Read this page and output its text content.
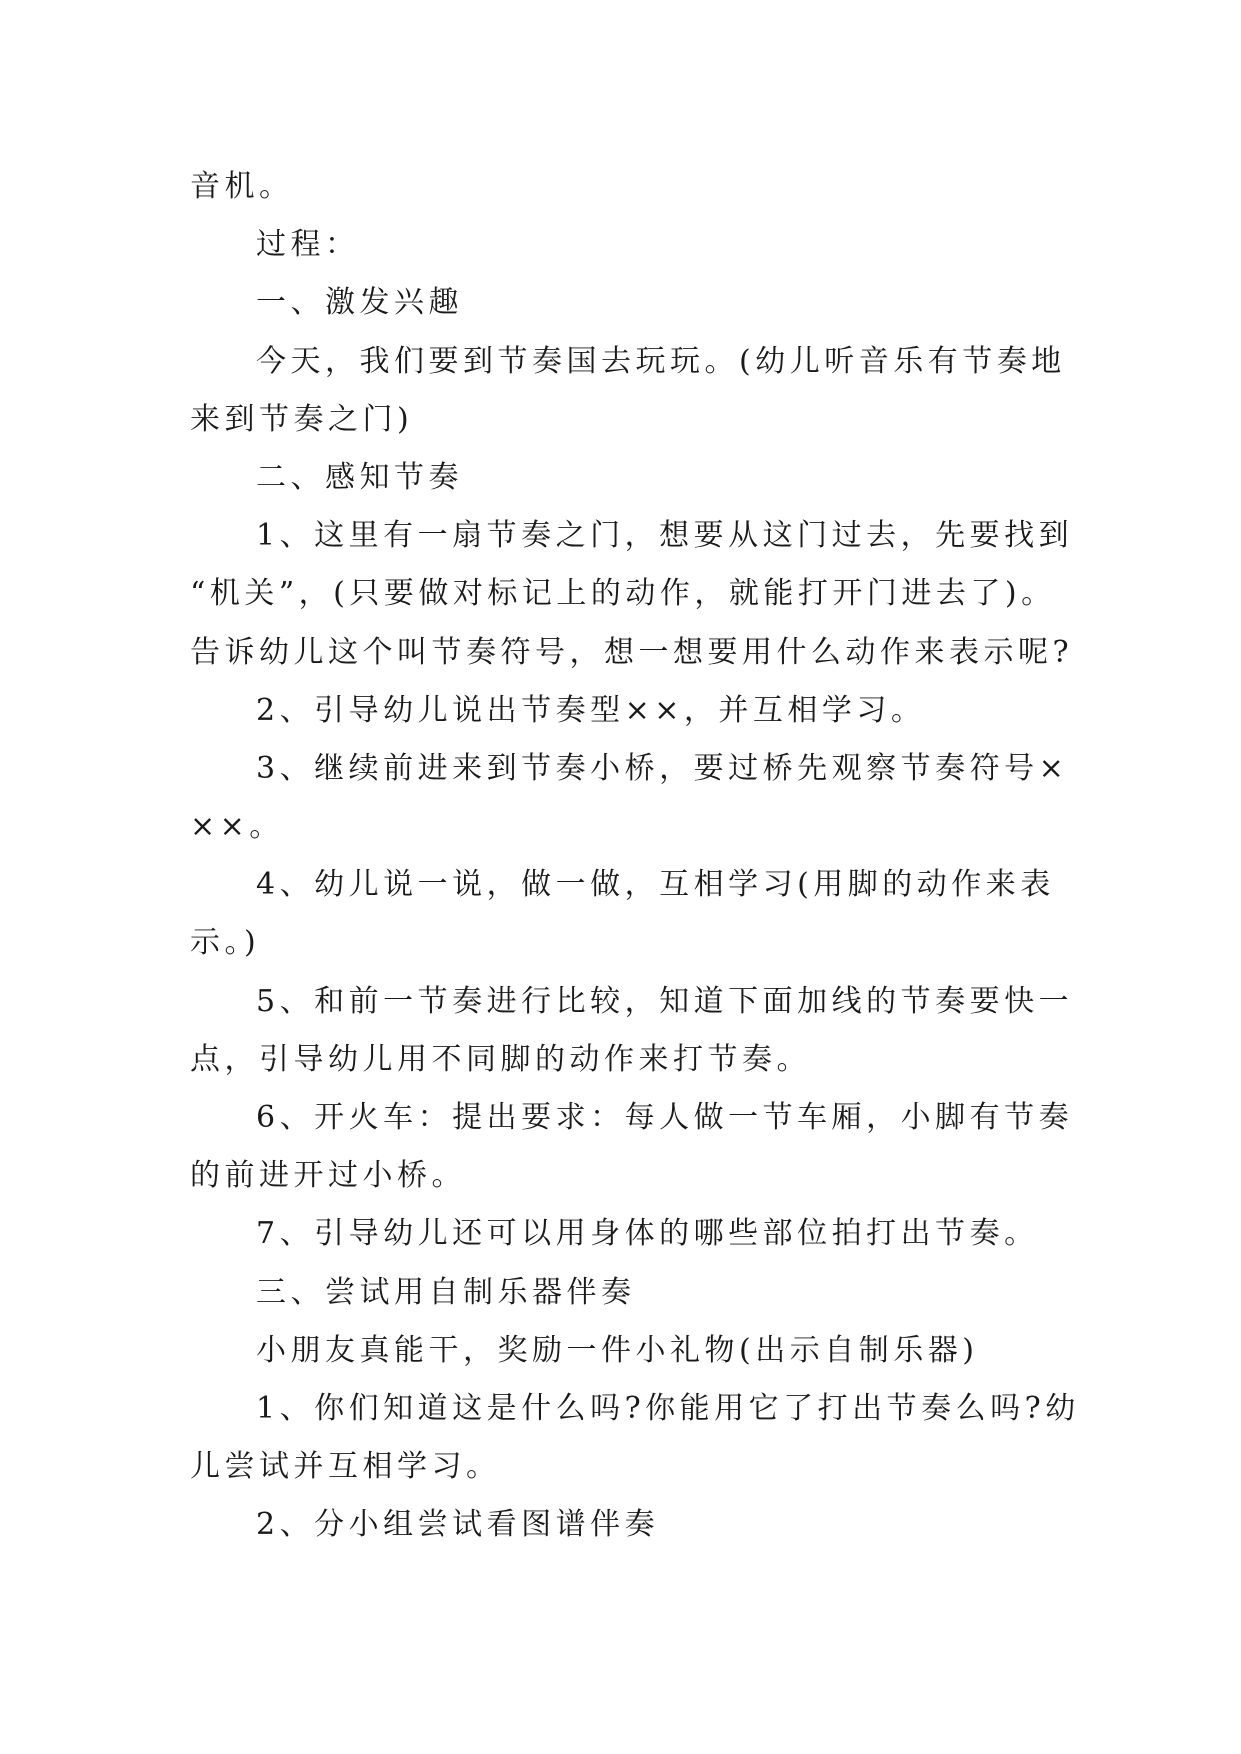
音机。
过程：
一、激发兴趣
今天，我们要到节奏国去玩玩。(幼儿听音乐有节奏地
来到节奏之门)
二、感知节奏
1、这里有一扇节奏之门，想要从这门过去，先要找到
“机关”，(只要做对标记上的动作，就能打开门进去了)。
告诉幼儿这个叫节奏符号，想一想要用什么动作来表示呢?
2、引导幼儿说出节奏型××，并互相学习。
3、继续前进来到节奏小桥，要过桥先观察节奏符号×
××。
4、幼儿说一说，做一做，互相学习(用脚的动作来表
示。)
5、和前一节奏进行比较，知道下面加线的节奏要快一
点，引导幼儿用不同脚的动作来打节奏。
6、开火车：提出要求：每人做一节车厢，小脚有节奏
的前进开过小桥。
7、引导幼儿还可以用身体的哪些部位拍打出节奏。
三、尝试用自制乐器伴奏
小朋友真能干，奖励一件小礼物(出示自制乐器)
1、你们知道这是什么吗?你能用它了打出节奏么吗?幼
儿尝试并互相学习。
2、分小组尝试看图谱伴奏
